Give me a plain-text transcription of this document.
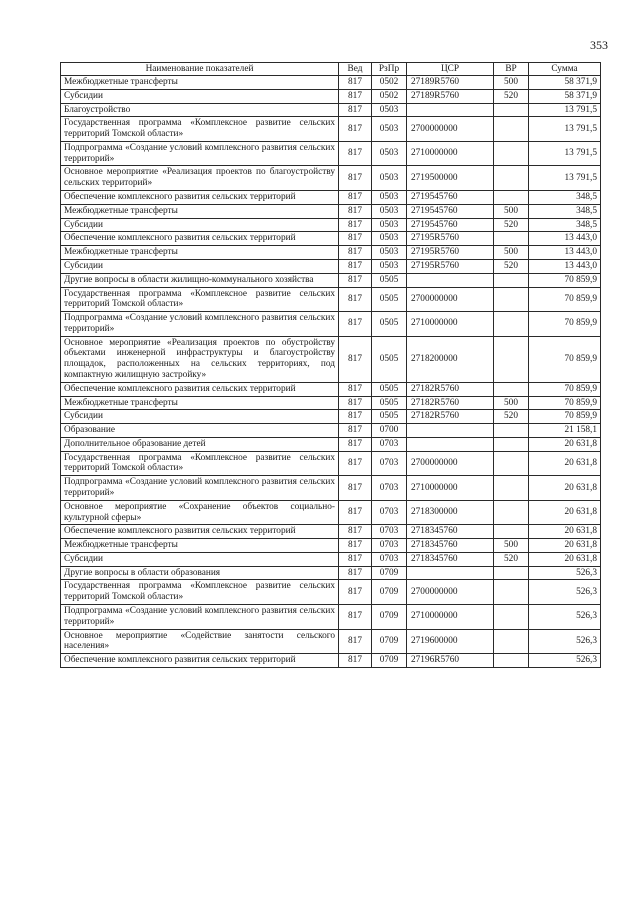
353
Наименование показателей	Вед	РзПр	ЦСР	ВР	Сумма
Межбюджетные трансферты	817	0502	27189R5760	500	58 371,9
Субсидии	817	0502	27189R5760	520	58 371,9
Благоустройство	817	0503			13 791,5
Государственная программа «Комплексное развитие сельских территорий Томской области»	817	0503	2700000000		13 791,5
Подпрограмма «Создание условий комплексного развития сельских территорий»	817	0503	2710000000		13 791,5
Основное мероприятие «Реализация проектов по благоустройству сельских территорий»	817	0503	2719500000		13 791,5
Обеспечение комплексного развития сельских территорий	817	0503	2719545760		348,5
Межбюджетные трансферты	817	0503	2719545760	500	348,5
Субсидии	817	0503	2719545760	520	348,5
Обеспечение комплексного развития сельских территорий	817	0503	27195R5760		13 443,0
Межбюджетные трансферты	817	0503	27195R5760	500	13 443,0
Субсидии	817	0503	27195R5760	520	13 443,0
Другие вопросы в области жилищно-коммунального хозяйства	817	0505			70 859,9
Государственная программа «Комплексное развитие сельских территорий Томской области»	817	0505	2700000000		70 859,9
Подпрограмма «Создание условий комплексного развития сельских территорий»	817	0505	2710000000		70 859,9
Основное мероприятие «Реализация проектов по обустройству объектами инженерной инфраструктуры и благоустройству площадок, расположенных на сельских территориях, под компактную жилищную застройку»	817	0505	2718200000		70 859,9
Обеспечение комплексного развития сельских территорий	817	0505	27182R5760		70 859,9
Межбюджетные трансферты	817	0505	27182R5760	500	70 859,9
Субсидии	817	0505	27182R5760	520	70 859,9
Образование	817	0700			21 158,1
Дополнительное образование детей	817	0703			20 631,8
Государственная программа «Комплексное развитие сельских территорий Томской области»	817	0703	2700000000		20 631,8
Подпрограмма «Создание условий комплексного развития сельских территорий»	817	0703	2710000000		20 631,8
Основное мероприятие «Сохранение объектов социально-культурной сферы»	817	0703	2718300000		20 631,8
Обеспечение комплексного развития сельских территорий	817	0703	2718345760		20 631,8
Межбюджетные трансферты	817	0703	2718345760	500	20 631,8
Субсидии	817	0703	2718345760	520	20 631,8
Другие вопросы в области образования	817	0709			526,3
Государственная программа «Комплексное развитие сельских территорий Томской области»	817	0709	2700000000		526,3
Подпрограмма «Создание условий комплексного развития сельских территорий»	817	0709	2710000000		526,3
Основное мероприятие «Содействие занятости сельского населения»	817	0709	2719600000		526,3
Обеспечение комплексного развития сельских территорий	817	0709	27196R5760		526,3
